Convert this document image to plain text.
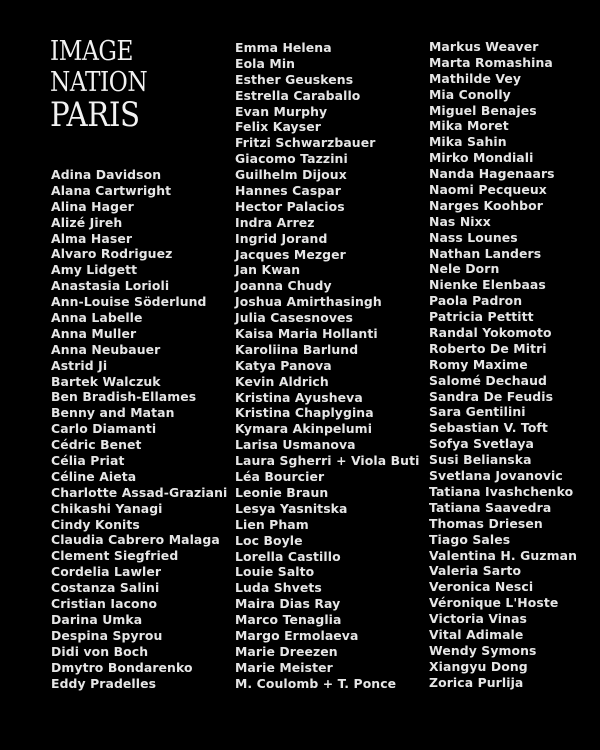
IMAGE
NATION
PARIS
Adina Davidson
Alana Cartwright
Alina Hager
Alizé Jireh
Alma Haser
Alvaro Rodriguez
Amy Lidgett
Anastasia Lorioli
Ann-Louise Söderlund
Anna Labelle
Anna Muller
Anna Neubauer
Astrid Ji
Bartek Walczuk
Ben Bradish-Ellames
Benny and Matan
Carlo Diamanti
Cédric Benet
Célia Priat
Céline Aieta
Charlotte Assad-Graziani
Chikashi Yanagi
Cindy Konits
Claudia Cabrero Malaga
Clement Siegfried
Cordelia Lawler
Costanza Salini
Cristian Iacono
Darina Umka
Despina Spyrou
Didi von Boch
Dmytro Bondarenko
Eddy Pradelles
Emma Helena
Eola Min
Esther Geuskens
Estrella Caraballo
Evan Murphy
Felix Kayser
Fritzi Schwarzbauer
Giacomo Tazzini
Guilhelm Dijoux
Hannes Caspar
Hector Palacios
Indra Arrez
Ingrid Jorand
Jacques Mezger
Jan Kwan
Joanna Chudy
Joshua Amirthasingh
Julia Casesnoves
Kaisa Maria Hollanti
Karoliina Barlund
Katya Panova
Kevin Aldrich
Kristina Ayusheva
Kristina Chaplygina
Kymara Akinpelumi
Larisa Usmanova
Laura Sgherri + Viola Buti
Léa Bourcier
Leonie Braun
Lesya Yasnitska
Lien Pham
Loc Boyle
Lorella Castillo
Louie Salto
Luda Shvets
Maira Dias Ray
Marco Tenaglia
Margo Ermolaeva
Marie Dreezen
Marie Meister
M. Coulomb + T. Ponce
Markus Weaver
Marta Romashina
Mathilde Vey
Mia Conolly
Miguel Benajes
Mika Moret
Mika Sahin
Mirko Mondiali
Nanda Hagenaars
Naomi Pecqueux
Narges Koohbor
Nas Nixx
Nass Lounes
Nathan Landers
Nele Dorn
Nienke Elenbaas
Paola Padron
Patricia Pettitt
Randal Yokomoto
Roberto De Mitri
Romy Maxime
Salomé Dechaud
Sandra De Feudis
Sara Gentilini
Sebastian V. Toft
Sofya Svetlaya
Susi Belianska
Svetlana Jovanovic
Tatiana Ivashchenko
Tatiana Saavedra
Thomas Driesen
Tiago Sales
Valentina H. Guzman
Valeria Sarto
Veronica Nesci
Véronique L'Hoste
Victoria Vinas
Vital Adimale
Wendy Symons
Xiangyu Dong
Zorica Purlija
